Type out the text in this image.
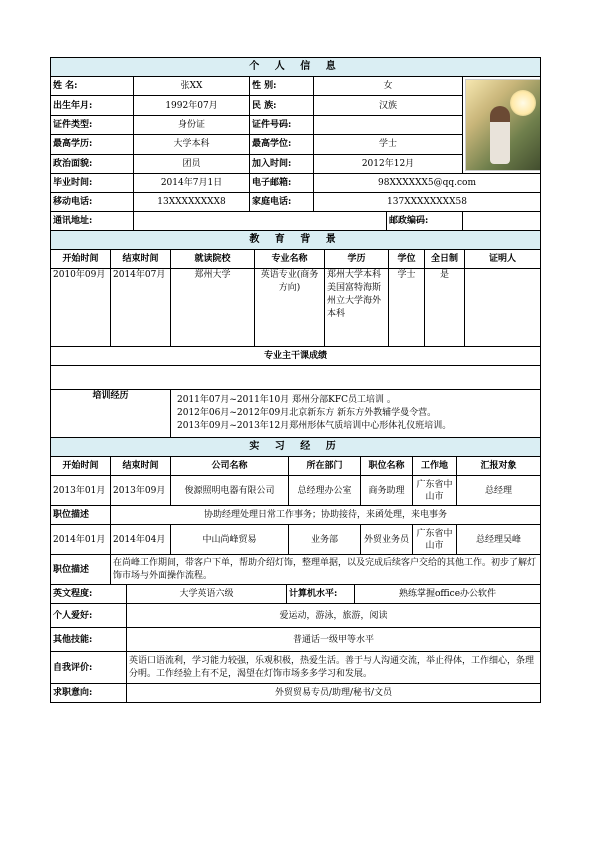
个 人 信 息					
姓 名:	张XX	性 别:	女		

出生年月:	1992年07月	民 族:	汉族		
证件类型:	身份证	证件号码:			
最高学历:	大学本科	最高学位:	学士		
政治面貌:	团员	加入时间:	2012年12月		
毕业时间:	2014年7月1日	电子邮箱:	98XXXXXX5@qq.com		
移动电话:	13XXXXXXXX8	家庭电话:	137XXXXXXXX58		
通讯地址:				邮政编码:	
教 育 背 景							
开始时间	结束时间	就读院校	专业名称	学历	学位	全日制	证明人
2010年09月	2014年07月	郑州大学	英语专业(商务方向)	郑州大学本科 美国富特海斯州立大学海外本科	学士	是	
专业主干课成绩							

培训经历		2011年07月~2011年10月 郑州分部KFC员工培训 。
2012年06月~2012年09月北京新东方 新东方外教辅学曼令营。
2013年09月~2013年12月郑州形体气质培训中心形体礼仪班培训。					
实 习 经 历						
开始时间	结束时间	公司名称	所在部门	职位名称	工作地	汇报对象
2013年01月	2013年09月	俊源照明电器有限公司	总经理办公室	商务助理	广东省中山市	总经理
职位描述	协助经理处理日常工作事务；协助接待，来函处理，来电事务					
2014年01月	2014年04月	中山尚峰贸易	业务部	外贸业务员	广东省中山市	总经理吴峰
职位描述	在尚峰工作期间，带客户下单，帮助介绍灯饰，整理单据，以及完成后续客户交给的其他工作。初步了解灯饰市场与外面操作流程。					
英文程度:	大学英语六级	计算机水平:	熟练掌握office办公软件
个人爱好:	爱运动，游泳，旅游，阅读		
其他技能:	普通话一级甲等水平		
自我评价:	英语口语流利，学习能力较强，乐观积极，热爱生活。善于与人沟通交流，举止得体，工作细心，条理分明。工作经验上有不足，渴望在灯饰市场多多学习和发展。		
求职意向:	外贸贸易专员/助理/秘书/文员		
